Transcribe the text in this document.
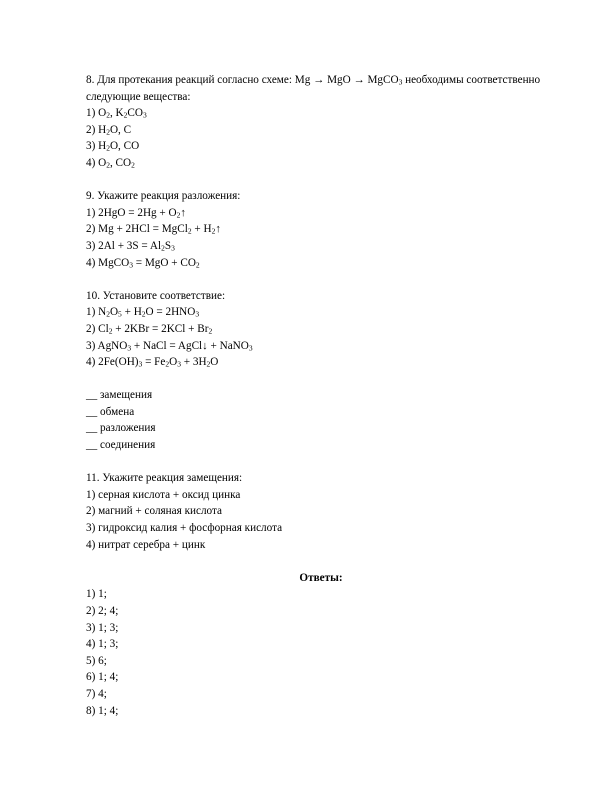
8. Для протекания реакций согласно схеме: Mg → MgO → MgCO$_3$ необходимы соответственно следующие вещества:
1) $O_2$, $K_2CO_3$
2) $H_2O$, C
3) $H_2O$, CO
4) $O_2$, $CO_2$
9. Укажите реакция разложения:
1) $2HgO = 2Hg + O_2↑$
2) Mg + 2HCl = MgCl$_2$ + $H_2↑$
3) $2Al + 3S = Al_2S_3$
4) MgCO$_3$ = MgO + $CO_2$
10. Установите соответствие:
1) $N_2O_5 + H_2O = 2HNO_3$
2) $Cl_2 + 2KBr = 2KCl + Br_2$
3) AgNO$_3$ + NaCl = AgCl↓ + NaNO$_3$
4) $2Fe(OH)_3 = Fe_2O_3 + 3H_2O$
__ замещения
__ обмена
__ разложения
__ соединения
11. Укажите реакция замещения:
1) серная кислота + оксид цинка
2) магний + соляная кислота
3) гидроксид калия + фосфорная кислота
4) нитрат серебра + цинк
Ответы:
1) 1;
2) 2; 4;
3) 1; 3;
4) 1; 3;
5) 6;
6) 1; 4;
7) 4;
8) 1; 4;
